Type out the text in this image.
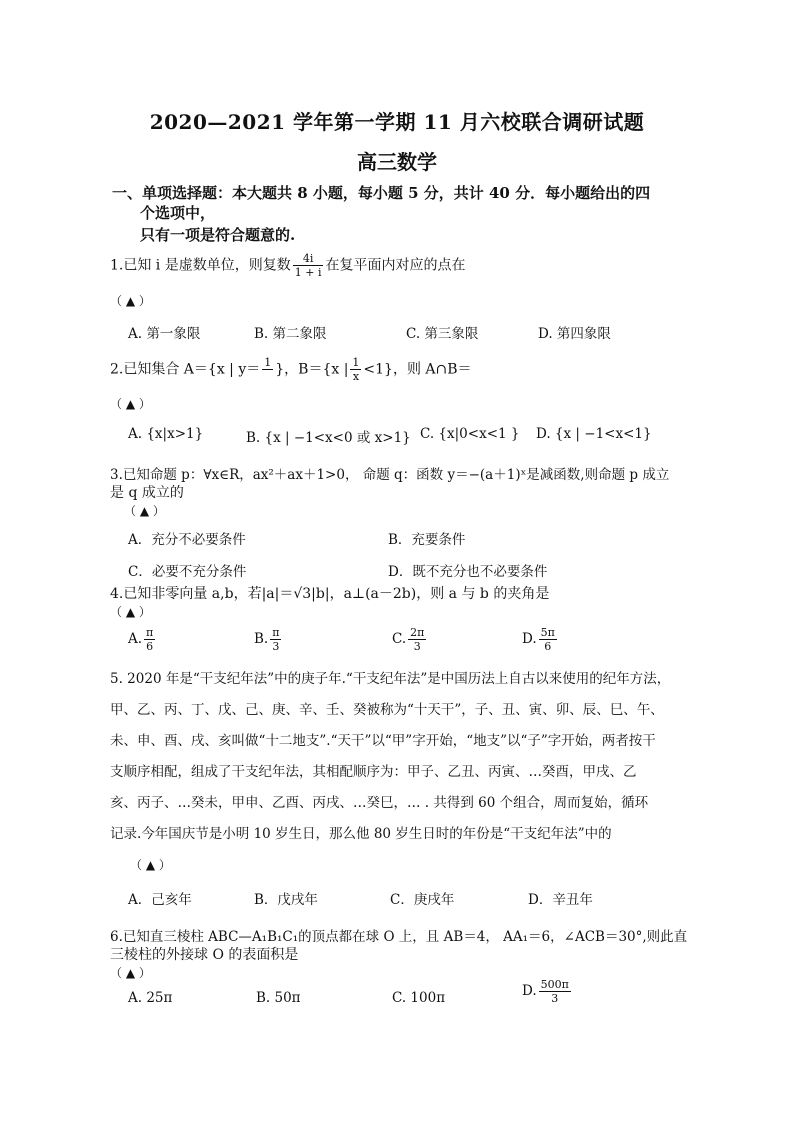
2020—2021 学年第一学期 11 月六校联合调研试题
高三数学
一、单项选择题：本大题共 8 小题，每小题 5 分，共计 40 分．每小题给出的四
个选项中，
只有一项是符合题意的.
1.已知 i 是虚数单位，则复数 $\frac{4i}{1 + i}$ 在复平面内对应的点在
（ ▲ ）
A. 第一象限	B. 第二象限	C. 第三象限	D. 第四象限
2.已知集合 A＝{x | y＝ 1
}，B＝{x | $\frac{1}{x} <1$}，则 A∩B＝
（ ▲ ）
A. {x|x>1}	B. {x | −1<x<0 或 x>1} C. {x|0<x<1 } D. {x | −1<x<1}
3.已知命题 p：∀x∈R，ax²＋ax＋1>0， 命题 q：函数 y＝−(a＋1)ˣ是减函数,则命题 p 成立
是 q 成立的
（ ▲ ）
A．充分不必要条件	B．充要条件
C．必要不充分条件	D．既不充分也不必要条件
4.已知非零向量 a,b，若|a|＝√3|b|，a⊥(a－2b)，则 a 与 b 的夹角是
（ ▲ ）
A. $\frac{\pi}{6}$	B. $\frac{\pi}{3}$	C. $\frac{2\pi}{3}$	D. $\frac{5\pi}{6}$
5. 2020 年是“干支纪年法”中的庚子年.“干支纪年法”是中国历法上自古以来使用的纪年方法，
甲、乙、丙、丁、戊、己、庚、辛、壬、癸被称为“十天干”，子、丑、寅、卯、辰、巳、午、
未、申、酉、戌、亥叫做“十二地支”.“天干”以“甲”字开始，“地支”以“子”字开始，两者按干
支顺序相配，组成了干支纪年法，其相配顺序为：甲子、乙丑、丙寅、…癸酉，甲戌、乙
亥、丙子、…癸未，甲申、乙酉、丙戌、…癸巳，… . 共得到 60 个组合，周而复始，循环
记录.今年国庆节是小明 10 岁生日，那么他 80 岁生日时的年份是“干支纪年法”中的
（ ▲ ）
A．己亥年	B．戊戌年	C．庚戌年	D．辛丑年
6.已知直三棱柱 ABC—A₁B₁C₁的顶点都在球 O 上，且 AB＝4， AA₁＝6，∠ACB＝30°,则此直
三棱柱的外接球 O 的表面积是
（ ▲ ）
A. 25π	B. 50π	C. 100π	D. $\frac{500\pi}{3}$
